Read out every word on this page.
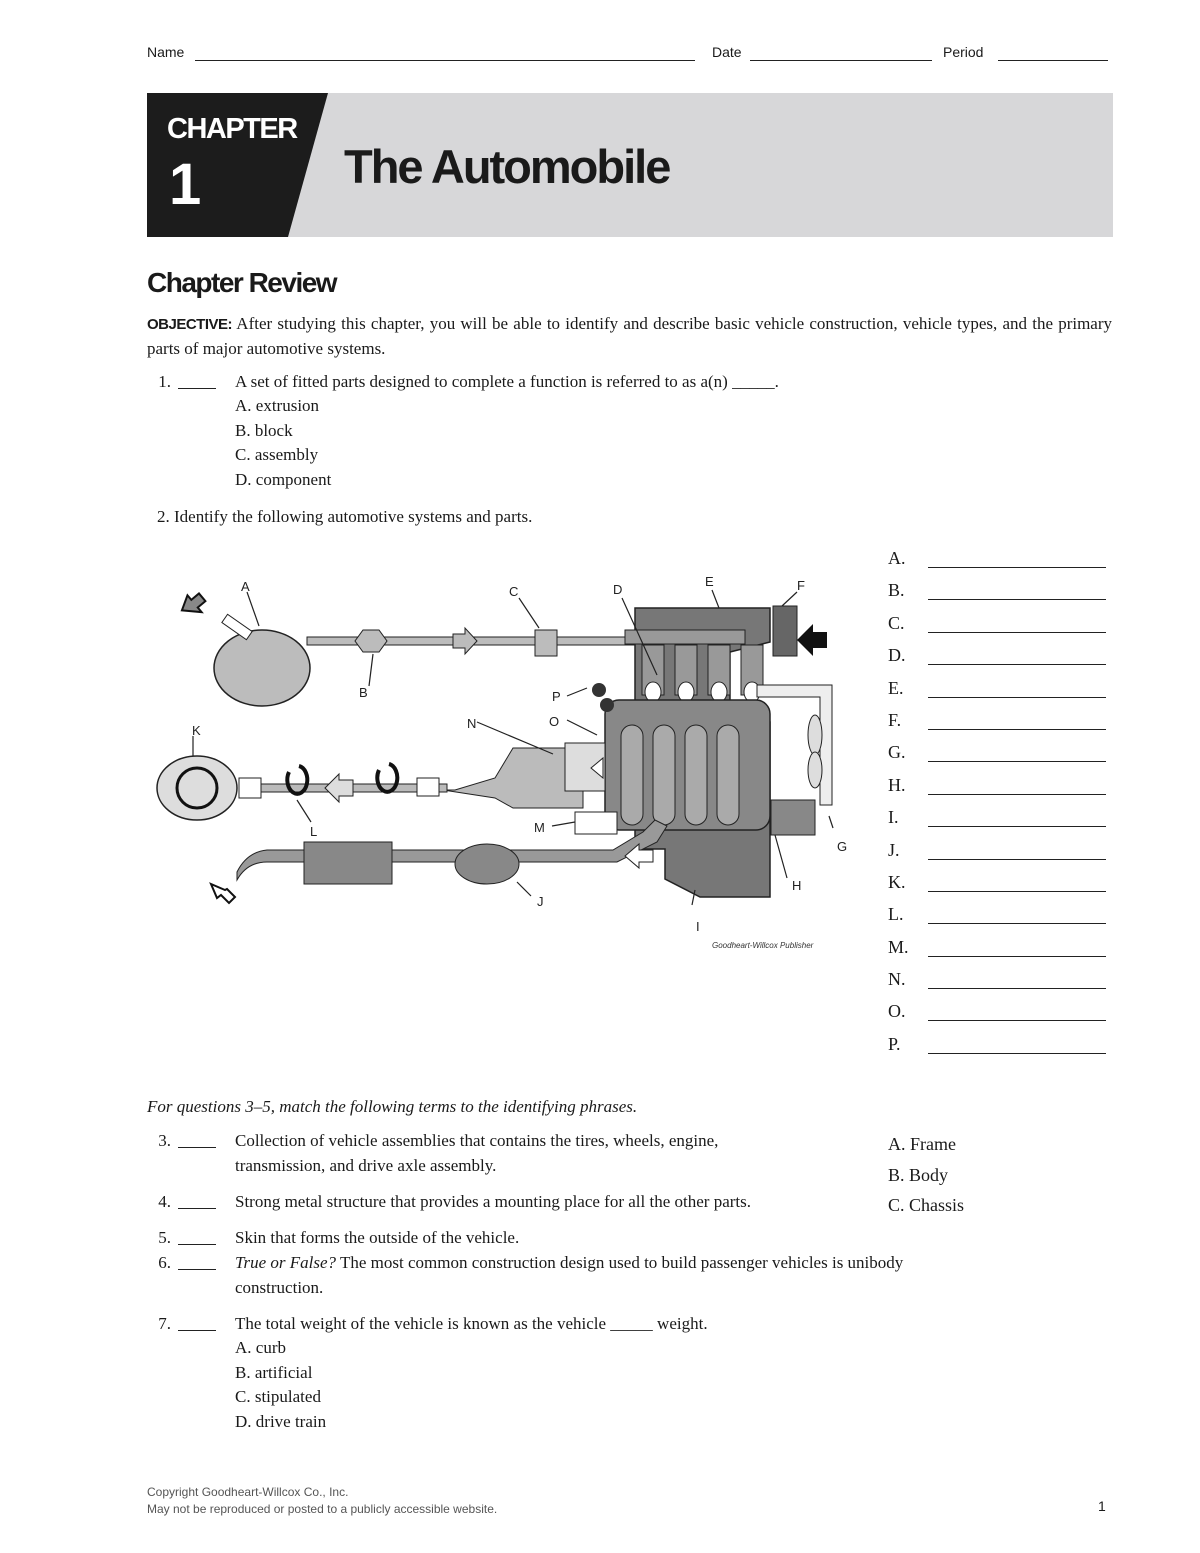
Name	Date	Period
CHAPTER
1	The Automobile
Chapter Review
OBJECTIVE: After studying this chapter, you will be able to identify and describe basic vehicle construction, vehicle types, and the primary parts of major automotive systems.
1.	A set of fitted parts designed to complete a function is referred to as a(n) _____.
A. extrusion
B. block
C. assembly
D. component
2. Identify the following automotive systems and parts.
A
B
C	D
E	F
G
H
I
J
K
L	M
N	O
P
Goodheart-Willcox Publisher
A.
B.
C.
D.
E.
F.
G.
H.
I.
J.
K.
L.
M.
N.
O.
P.
For questions 3–5, match the following terms to the identifying phrases.
3.	Collection of vehicle assemblies that contains the tires, wheels, engine,
transmission, and drive axle assembly.
4.	Strong metal structure that provides a mounting place for all the other parts.
A. Frame
B. Body
C. Chassis
5.	Skin that forms the outside of the vehicle.
6.	True or False? The most common construction design used to build passenger vehicles is unibody
construction.
7.	The total weight of the vehicle is known as the vehicle _____ weight.
A. curb
B. artificial
C. stipulated
D. drive train
Copyright Goodheart-Willcox Co., Inc.
May not be reproduced or posted to a publicly accessible website.	1
